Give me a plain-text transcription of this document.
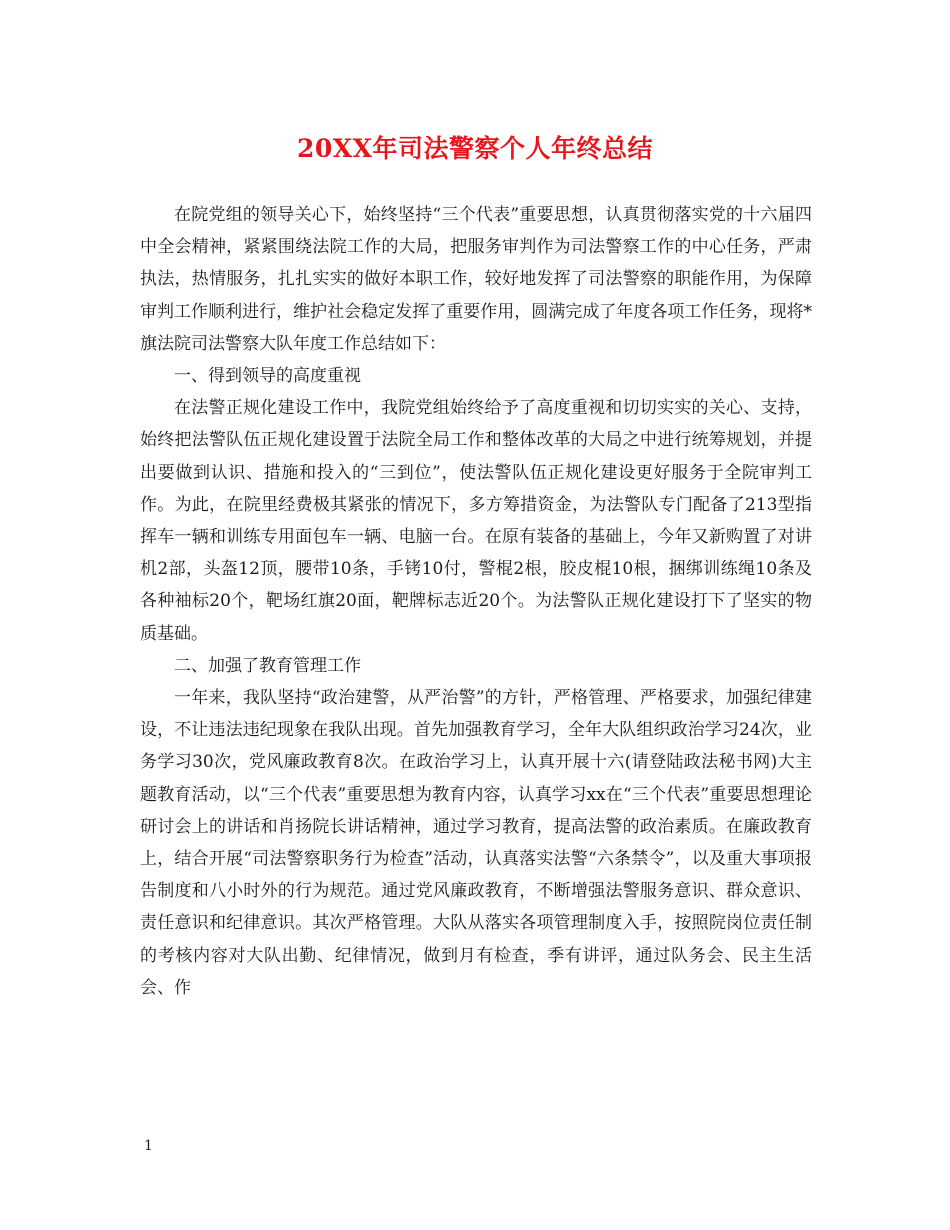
20XX年司法警察个人年终总结

在院党组的领导关心下，始终坚持“三个代表”重要思想，认真贯彻落实党的十六届四中全会精神，紧紧围绕法院工作的大局，把服务审判作为司法警察工作的中心任务，严肃执法，热情服务，扎扎实实的做好本职工作，较好地发挥了司法警察的职能作用，为保障审判工作顺利进行，维护社会稳定发挥了重要作用，圆满完成了年度各项工作任务，现将*旗法院司法警察大队年度工作总结如下：

一、得到领导的高度重视

在法警正规化建设工作中，我院党组始终给予了高度重视和切切实实的关心、支持，始终把法警队伍正规化建设置于法院全局工作和整体改革的大局之中进行统筹规划，并提出要做到认识、措施和投入的“三到位”，使法警队伍正规化建设更好服务于全院审判工作。为此，在院里经费极其紧张的情况下，多方筹措资金，为法警队专门配备了213型指挥车一辆和训练专用面包车一辆、电脑一台。在原有装备的基础上，今年又新购置了对讲机2部，头盔12顶，腰带10条，手铐10付，警棍2根，胶皮棍10根，捆绑训练绳10条及各种袖标20个，靶场红旗20面，靶牌标志近20个。为法警队正规化建设打下了坚实的物质基础。

二、加强了教育管理工作

一年来，我队坚持“政治建警，从严治警”的方针，严格管理、严格要求，加强纪律建设，不让违法违纪现象在我队出现。首先加强教育学习，全年大队组织政治学习24次，业务学习30次，党风廉政教育8次。在政治学习上，认真开展十六(请登陆政法秘书网)大主题教育活动，以“三个代表”重要思想为教育内容，认真学习xx在“三个代表”重要思想理论研讨会上的讲话和肖扬院长讲话精神，通过学习教育，提高法警的政治素质。在廉政教育上，结合开展“司法警察职务行为检查”活动，认真落实法警“六条禁令”，以及重大事项报告制度和八小时外的行为规范。通过党风廉政教育，不断增强法警服务意识、群众意识、责任意识和纪律意识。其次严格管理。大队从落实各项管理制度入手，按照院岗位责任制的考核内容对大队出勤、纪律情况，做到月有检查，季有讲评，通过队务会、民主生活会、作

1
